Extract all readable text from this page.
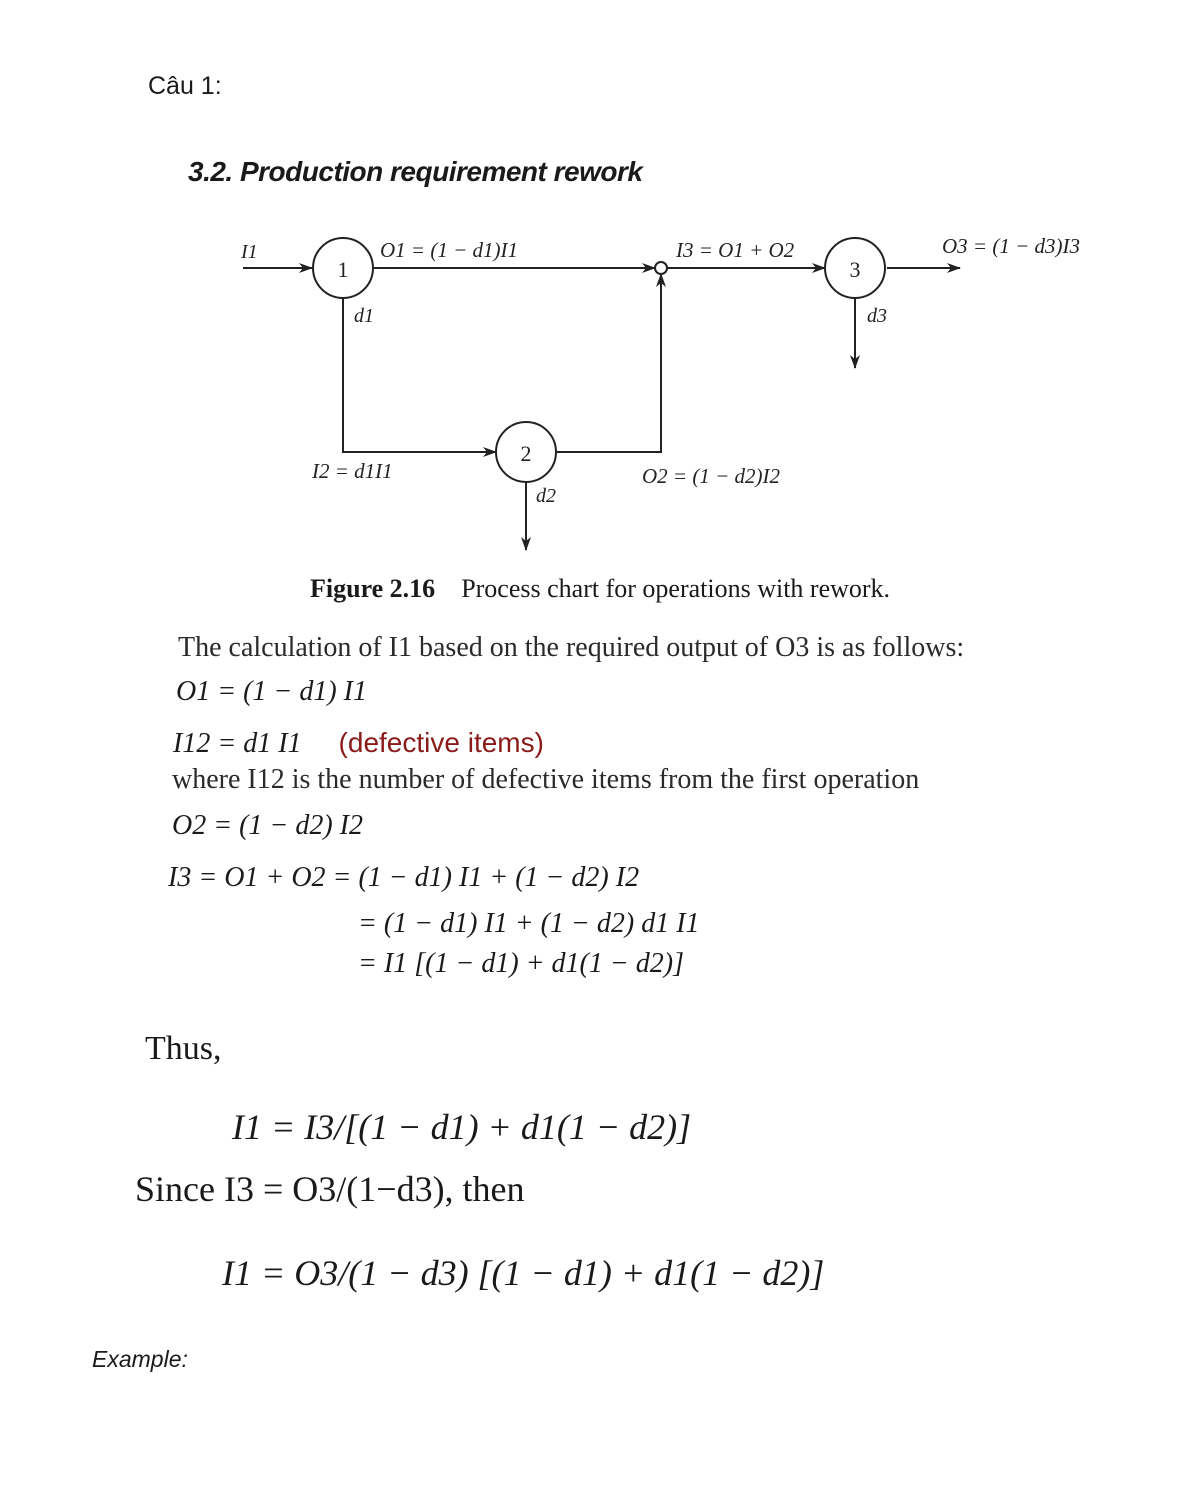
Câu 1:
3.2. Production requirement rework
1
2
3
I1	O1 = (1 − d1)I1	I3 = O1 + O2	O3 = (1 − d3)I3
d1	d3
d2
I2 = d1I1	O2 = (1 − d2)I2
Figure 2.16 Process chart for operations with rework.
The calculation of I1 based on the required output of O3 is as follows:
O1 = (1 − d1) I1
I12 = d1 I1 (defective items)
where I12 is the number of defective items from the first operation
O2 = (1 − d2) I2
I3 = O1 + O2 = (1 − d1) I1 + (1 − d2) I2
= (1 − d1) I1 + (1 − d2) d1 I1
= I1 [(1 − d1) + d1(1 − d2)]
Thus,
I1 = I3/[(1 − d1) + d1(1 − d2)]
Since I3 = O3/(1−d3), then
I1 = O3/(1 − d3) [(1 − d1) + d1(1 − d2)]
Example:
